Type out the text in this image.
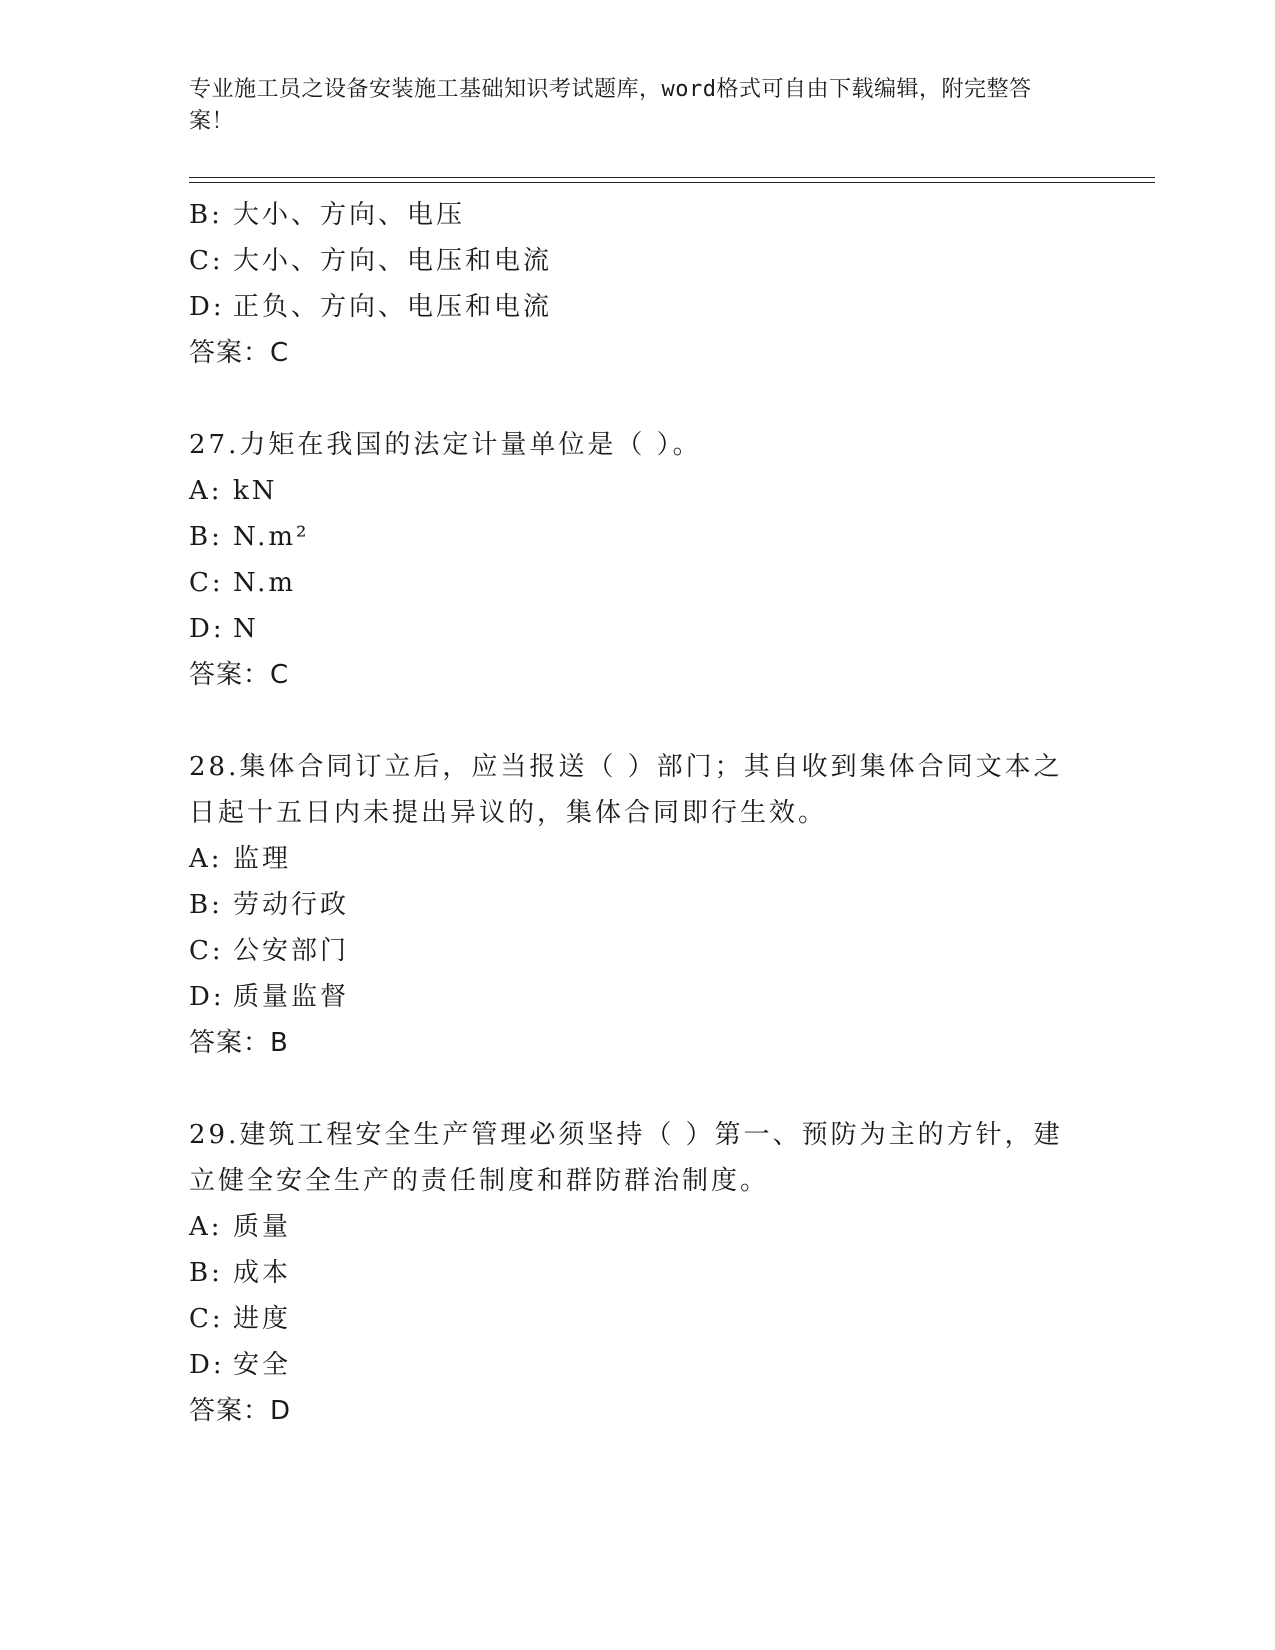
专业施工员之设备安装施工基础知识考试题库，word格式可自由下载编辑，附完整答案！
B: 大小、方向、电压
C: 大小、方向、电压和电流
D: 正负、方向、电压和电流
答案：C
27.力矩在我国的法定计量单位是（ ）。
A: kN
B: N.m²
C: N.m
D: N
答案：C
28.集体合同订立后，应当报送（ ）部门；其自收到集体合同文本之日起十五日内未提出异议的，集体合同即行生效。
A: 监理
B: 劳动行政
C: 公安部门
D: 质量监督
答案：B
29.建筑工程安全生产管理必须坚持（ ）第一、预防为主的方针，建立健全安全生产的责任制度和群防群治制度。
A: 质量
B: 成本
C: 进度
D: 安全
答案：D
